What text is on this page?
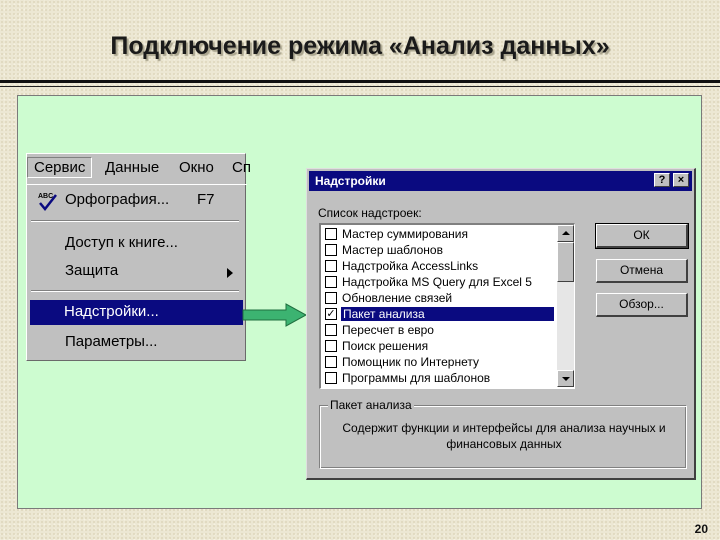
Подключение режима «Анализ данных»
Сервис	Данные Окно Сп
ABC Орфография... F7
Доступ к книге...
Защита
Надстройки...
Параметры...
Надстройки	?	×
Список надстроек:
Мастер суммирования
Мастер шаблонов
Надстройка AccessLinks
Надстройка MS Query для Excel 5
Обновление связей
✓ Пакет анализа
Пересчет в евро
Поиск решения
Помощник по Интернету
Программы для шаблонов
ОК
Отмена
Обзор...
Пакет анализа
Содержит функции и интерфейсы для анализа научных и финансовых данных
20
